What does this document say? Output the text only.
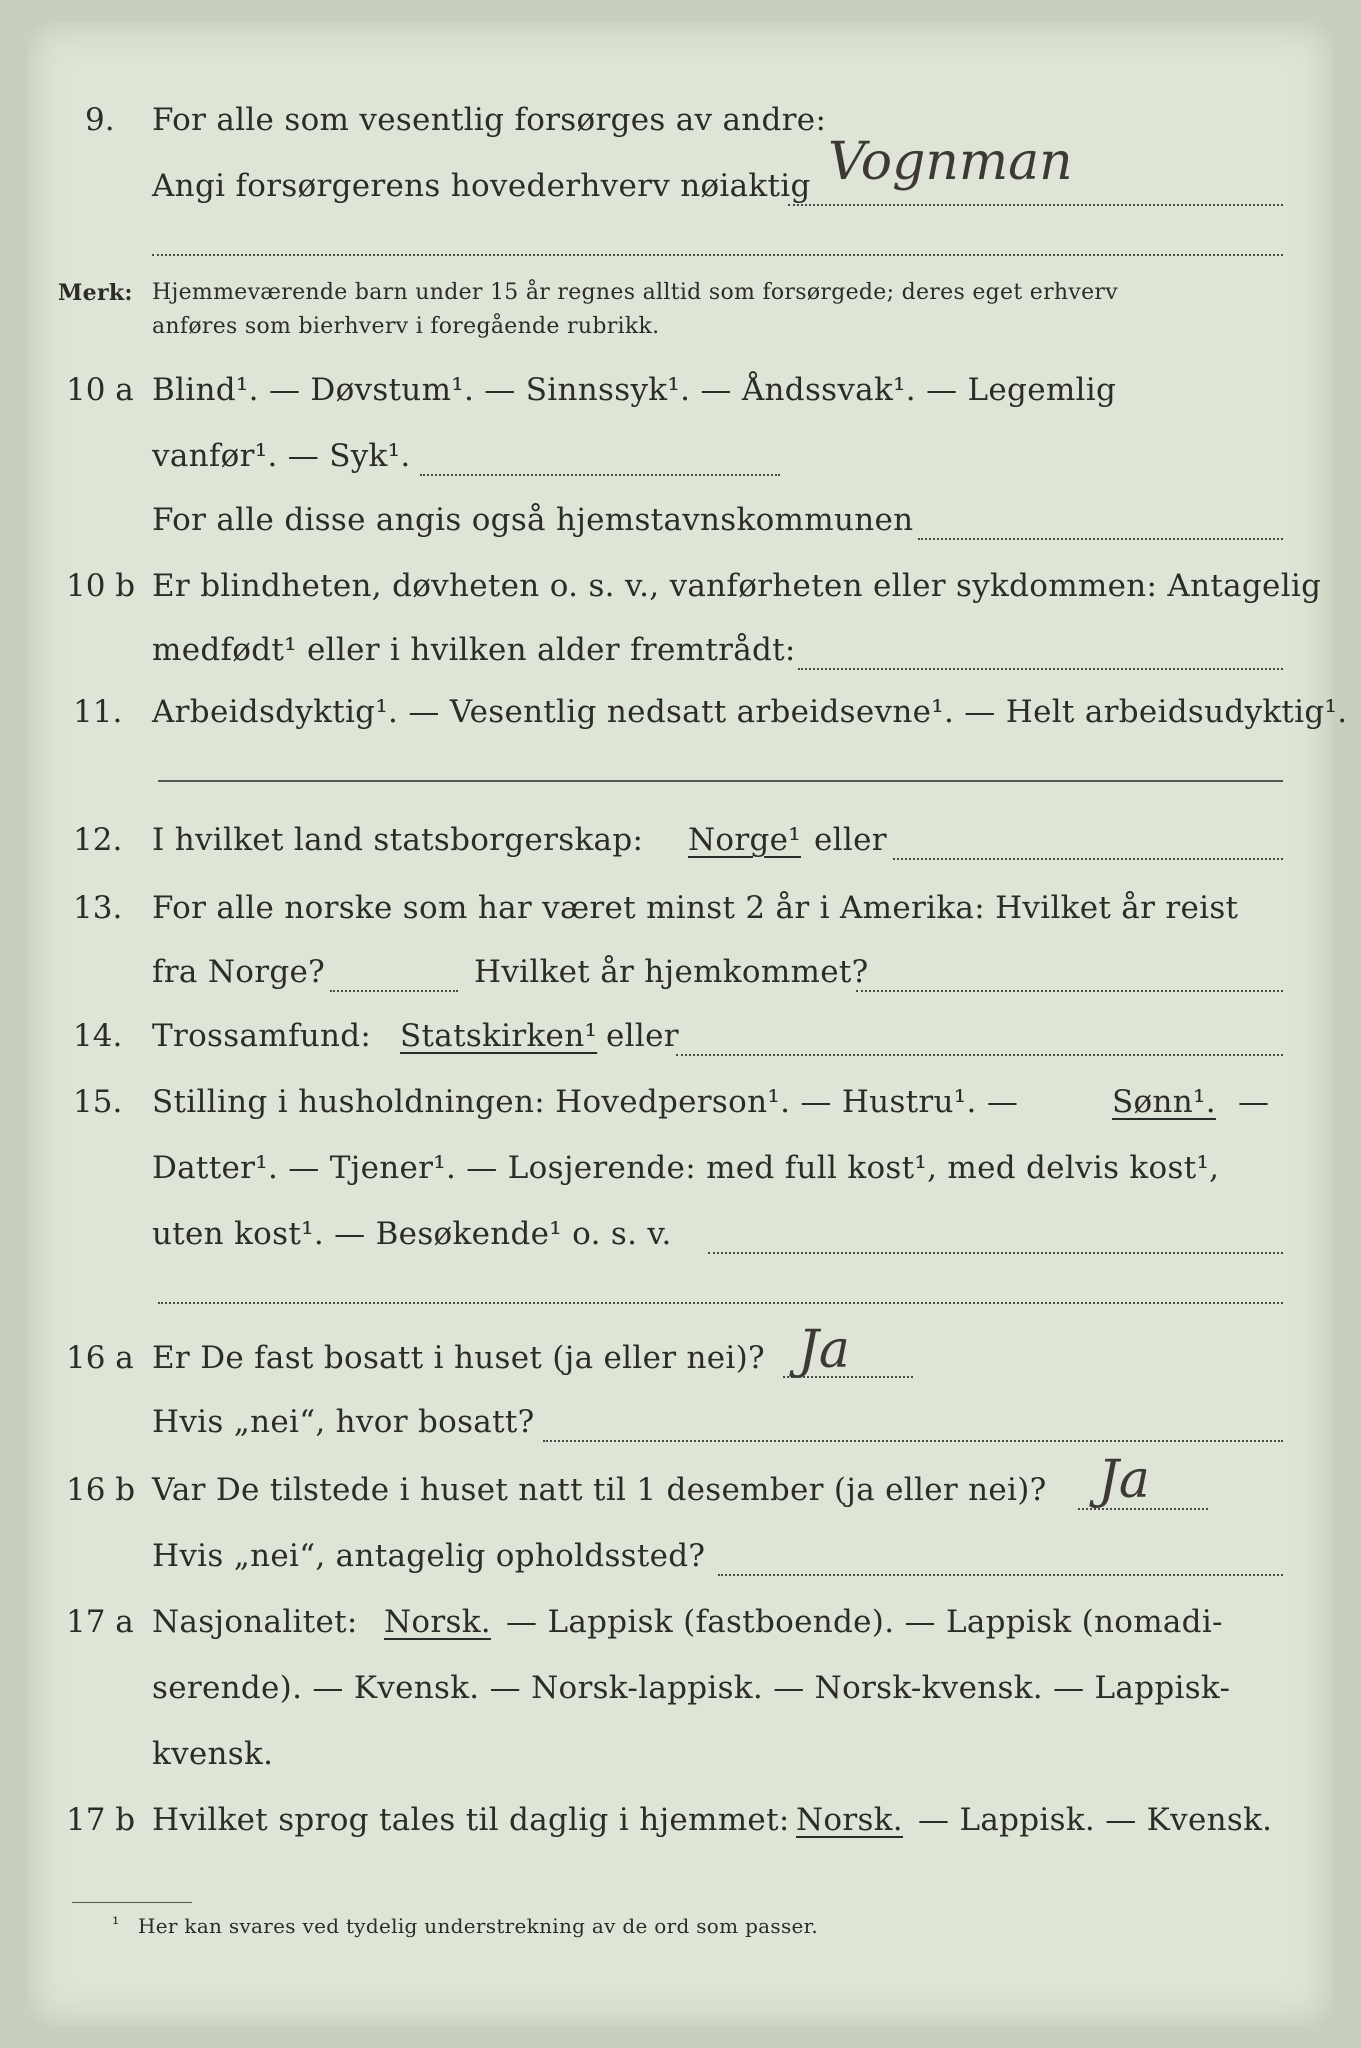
9. For alle som vesentlig forsørges av andre:
Angi forsørgerens hovederhverv nøiaktig Vognman
Merk: Hjemmeværende barn under 15 år regnes alltid som forsørgede; deres eget erhverv
anføres som bierhverv i foregående rubrikk.
10 a Blind¹. — Døvstum¹. — Sinnssyk¹. — Åndssvak¹. — Legemlig
vanfør¹. — Syk¹.
For alle disse angis også hjemstavnskommunen
10 b Er blindheten, døvheten o. s. v., vanførheten eller sykdommen: Antagelig
medfødt¹ eller i hvilken alder fremtrådt:
11. Arbeidsdyktig¹. — Vesentlig nedsatt arbeidsevne¹. — Helt arbeidsudyktig¹.
12. I hvilket land statsborgerskap: Norge¹ eller
13. For alle norske som har været minst 2 år i Amerika: Hvilket år reist
fra Norge?	Hvilket år hjemkommet?
14. Trossamfund: Statskirken¹ eller
15. Stilling i husholdningen: Hovedperson¹. — Hustru¹. —	Sønn¹. —
Datter¹. — Tjener¹. — Losjerende: med full kost¹, med delvis kost¹,
uten kost¹. — Besøkende¹ o. s. v.
16 a Er De fast bosatt i huset (ja eller nei)? Ja
Hvis „nei“, hvor bosatt?
16 b Var De tilstede i huset natt til 1 desember (ja eller nei)? Ja
Hvis „nei“, antagelig opholdssted?
17 a Nasjonalitet: Norsk. — Lappisk (fastboende). — Lappisk (nomadi-
serende). — Kvensk. — Norsk-lappisk. — Norsk-kvensk. — Lappisk-
kvensk.
17 b Hvilket sprog tales til daglig i hjemmet: Norsk. — Lappisk. — Kvensk.
¹ Her kan svares ved tydelig understrekning av de ord som passer.
